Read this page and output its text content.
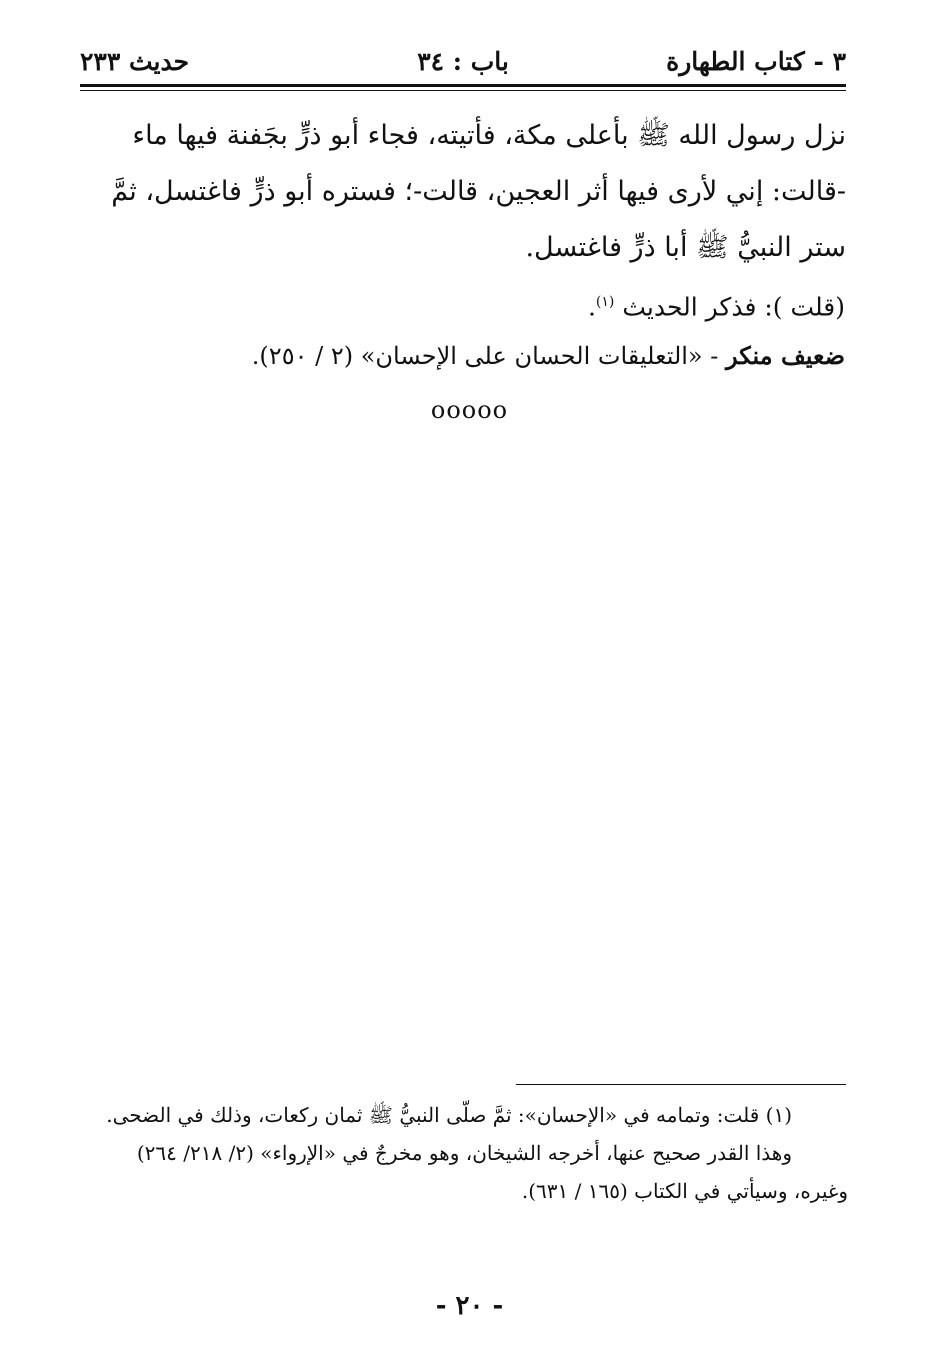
٣ - كتاب الطهارة
باب : ٣٤
حديث ٢٣٣
نزل رسول الله ﷺ بأعلى مكة، فأتيته، فجاء أبو ذرٍّ بجَفنة فيها ماء
-قالت: إني لأرى فيها أثر العجين، قالت-؛ فستره أبو ذرٍّ فاغتسل، ثمَّ
ستر النبيُّ ﷺ أبا ذرٍّ فاغتسل.
(قلت ): فذكر الحديث $^{(١)}$.
ضعيف منكر - «التعليقات الحسان على الإحسان» (٢ / ٢٥٠).
ooooo
(١) قلت: وتمامه في «الإحسان»: ثمَّ صلّى النبيُّ ﷺ ثمان ركعات، وذلك في الضحى.
وهذا القدر صحيح عنها، أخرجه الشيخان، وهو مخرجٌ في «الإرواء» (٢/ ٢١٨/ ٢٦٤)
وغيره، وسيأتي في الكتاب (١٦٥ / ٦٣١).
- ٢٠ -
